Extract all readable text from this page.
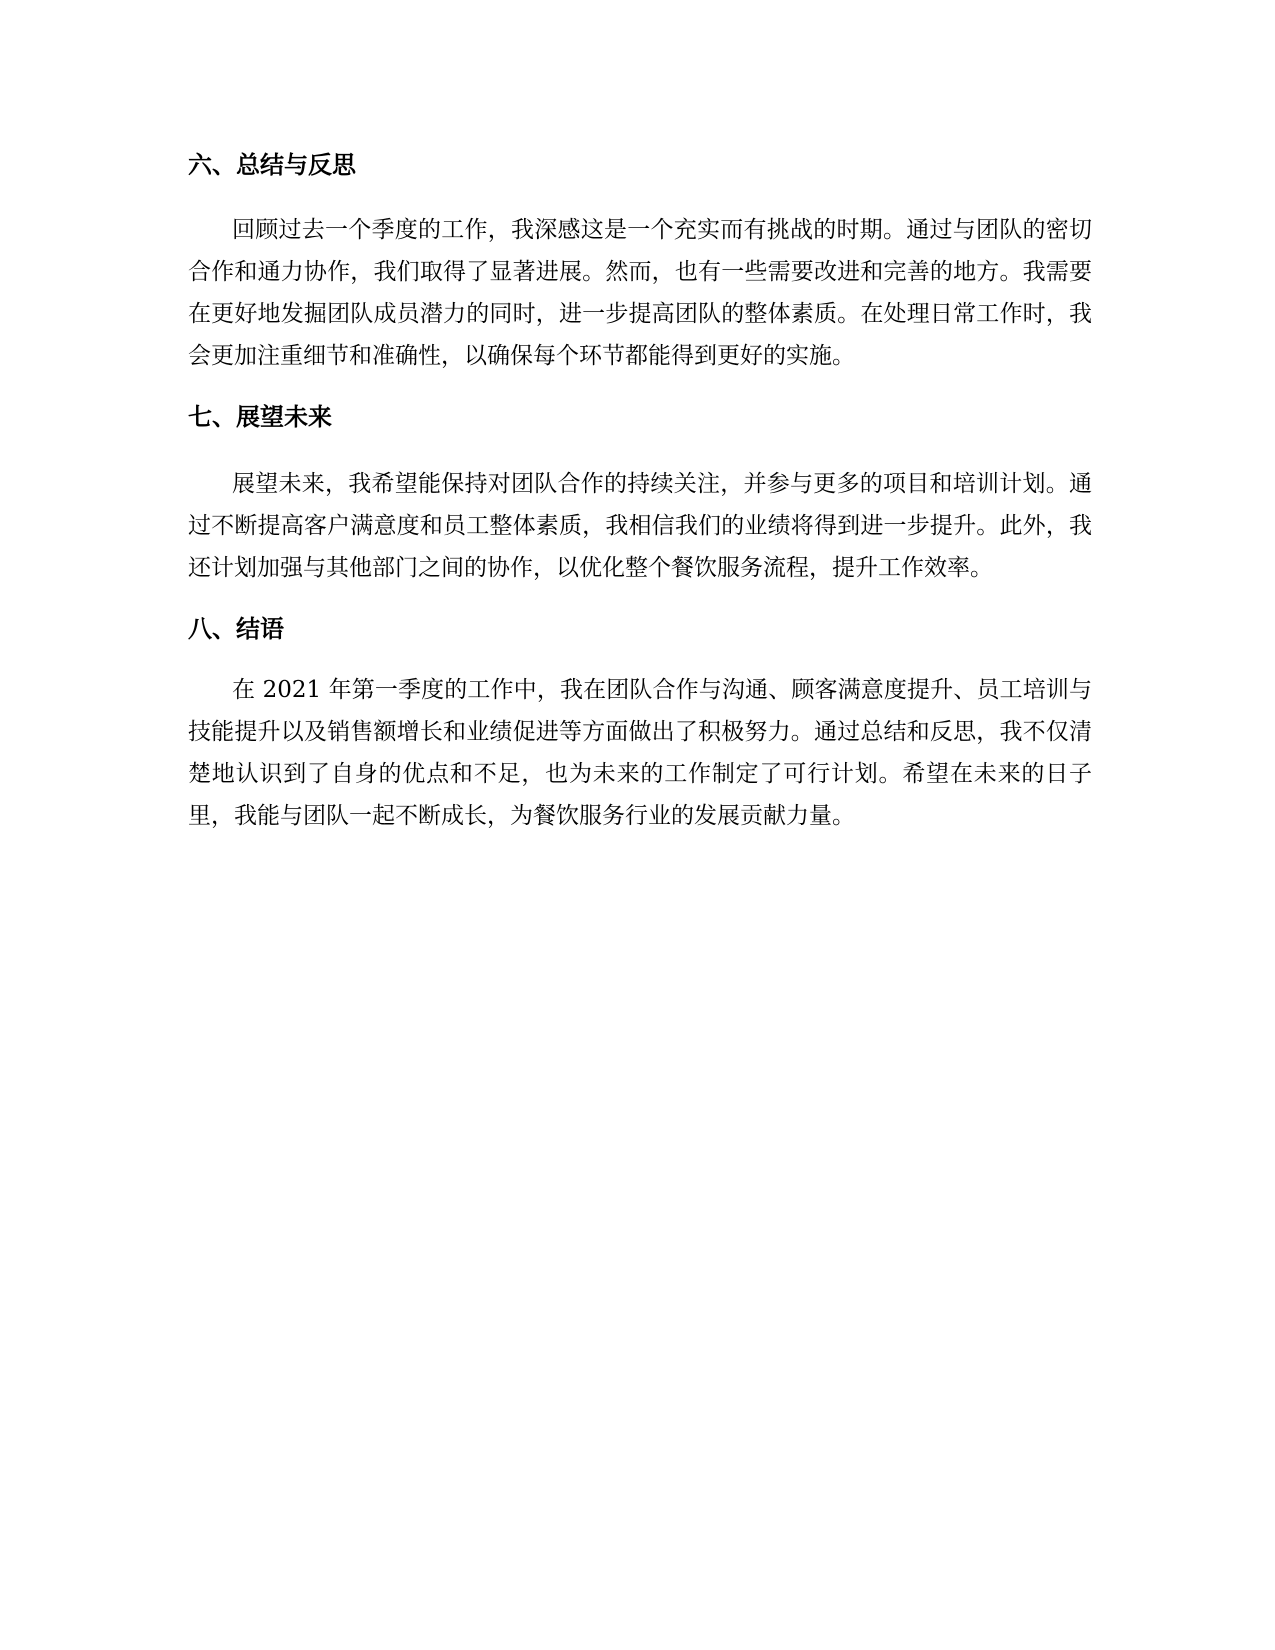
六、总结与反思

回顾过去一个季度的工作，我深感这是一个充实而有挑战的时期。通过与团队的密切合作和通力协作，我们取得了显著进展。然而，也有一些需要改进和完善的地方。我需要在更好地发掘团队成员潜力的同时，进一步提高团队的整体素质。在处理日常工作时，我会更加注重细节和准确性，以确保每个环节都能得到更好的实施。

七、展望未来

展望未来，我希望能保持对团队合作的持续关注，并参与更多的项目和培训计划。通过不断提高客户满意度和员工整体素质，我相信我们的业绩将得到进一步提升。此外，我还计划加强与其他部门之间的协作，以优化整个餐饮服务流程，提升工作效率。

八、结语

在 2021 年第一季度的工作中，我在团队合作与沟通、顾客满意度提升、员工培训与技能提升以及销售额增长和业绩促进等方面做出了积极努力。通过总结和反思，我不仅清楚地认识到了自身的优点和不足，也为未来的工作制定了可行计划。希望在未来的日子里，我能与团队一起不断成长，为餐饮服务行业的发展贡献力量。
